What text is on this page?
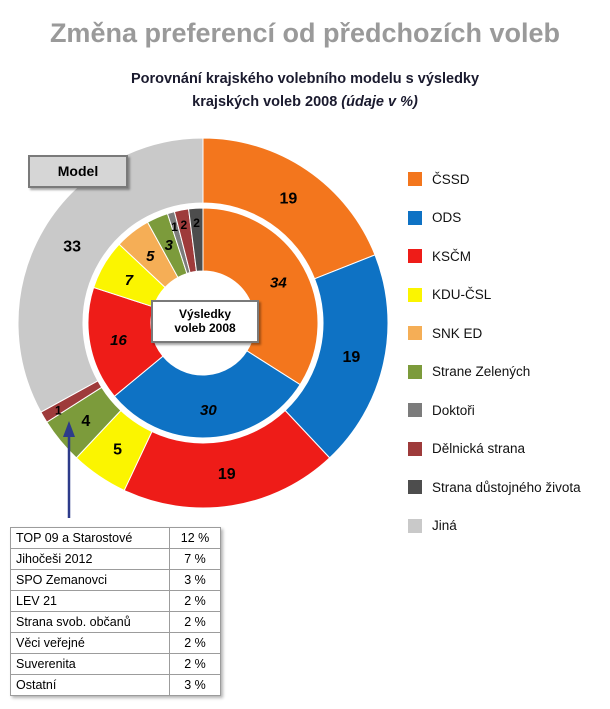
Změna preferencí od předchozích voleb
Porovnání krajského volebního modelu s výsledky
krajských voleb 2008 (údaje v %)
19
19
19
5
4
1
33
34
30
16
7
5
3
1 2 2
Model
Výsledky
voleb 2008
ČSSD
ODS
KSČM
KDU-ČSL
SNK ED
Strane Zelených
Doktoři
Dělnická strana
Strana důstojného života
Jiná
TOP 09 a Starostové	12 %
Jihočeši 2012	7 %
SPO Zemanovci	3 %
LEV 21	2 %
Strana svob. občanů	2 %
Věci veřejné	2 %
Suverenita	2 %
Ostatní	3 %
